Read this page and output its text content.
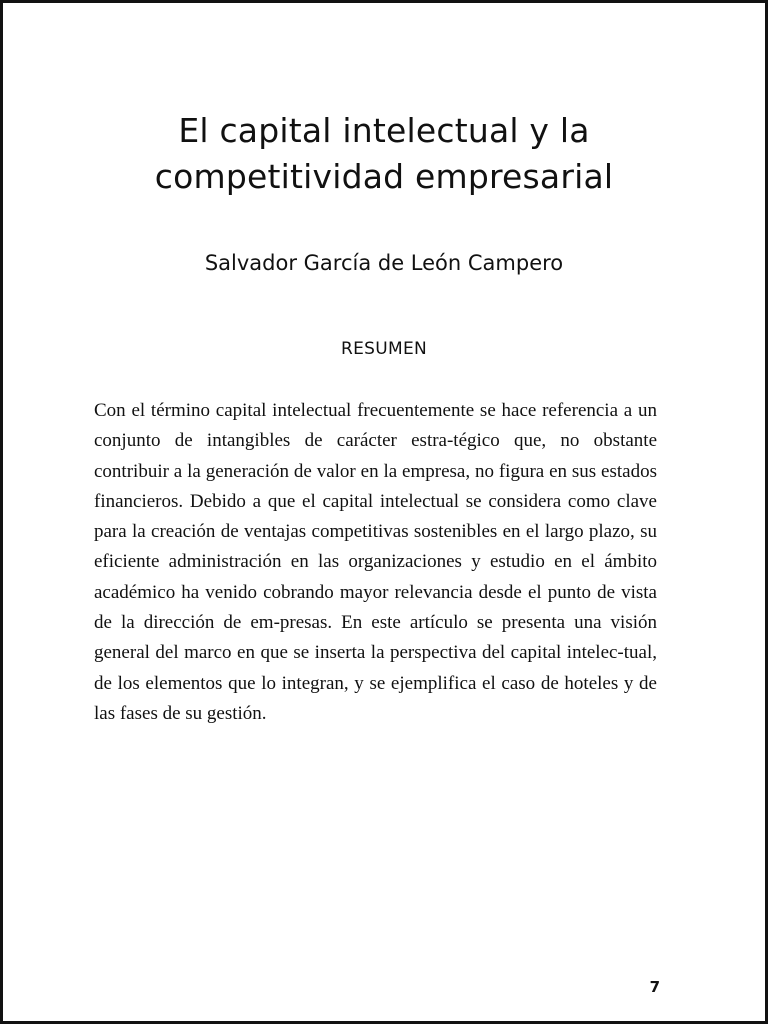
El capital intelectual y la
competitividad empresarial
Salvador García de León Campero
RESUMEN

Con el término capital intelectual frecuentemente se hace referencia a un conjunto de intangibles de carácter estra-tégico que, no obstante contribuir a la generación de valor en la empresa, no figura en sus estados financieros. Debido a que el capital intelectual se considera como clave para la creación de ventajas competitivas sostenibles en el largo plazo, su eficiente administración en las organizaciones y estudio en el ámbito académico ha venido cobrando mayor relevancia desde el punto de vista de la dirección de em-presas. En este artículo se presenta una visión general del marco en que se inserta la perspectiva del capital intelec-tual, de los elementos que lo integran, y se ejemplifica el caso de hoteles y de las fases de su gestión.

7
